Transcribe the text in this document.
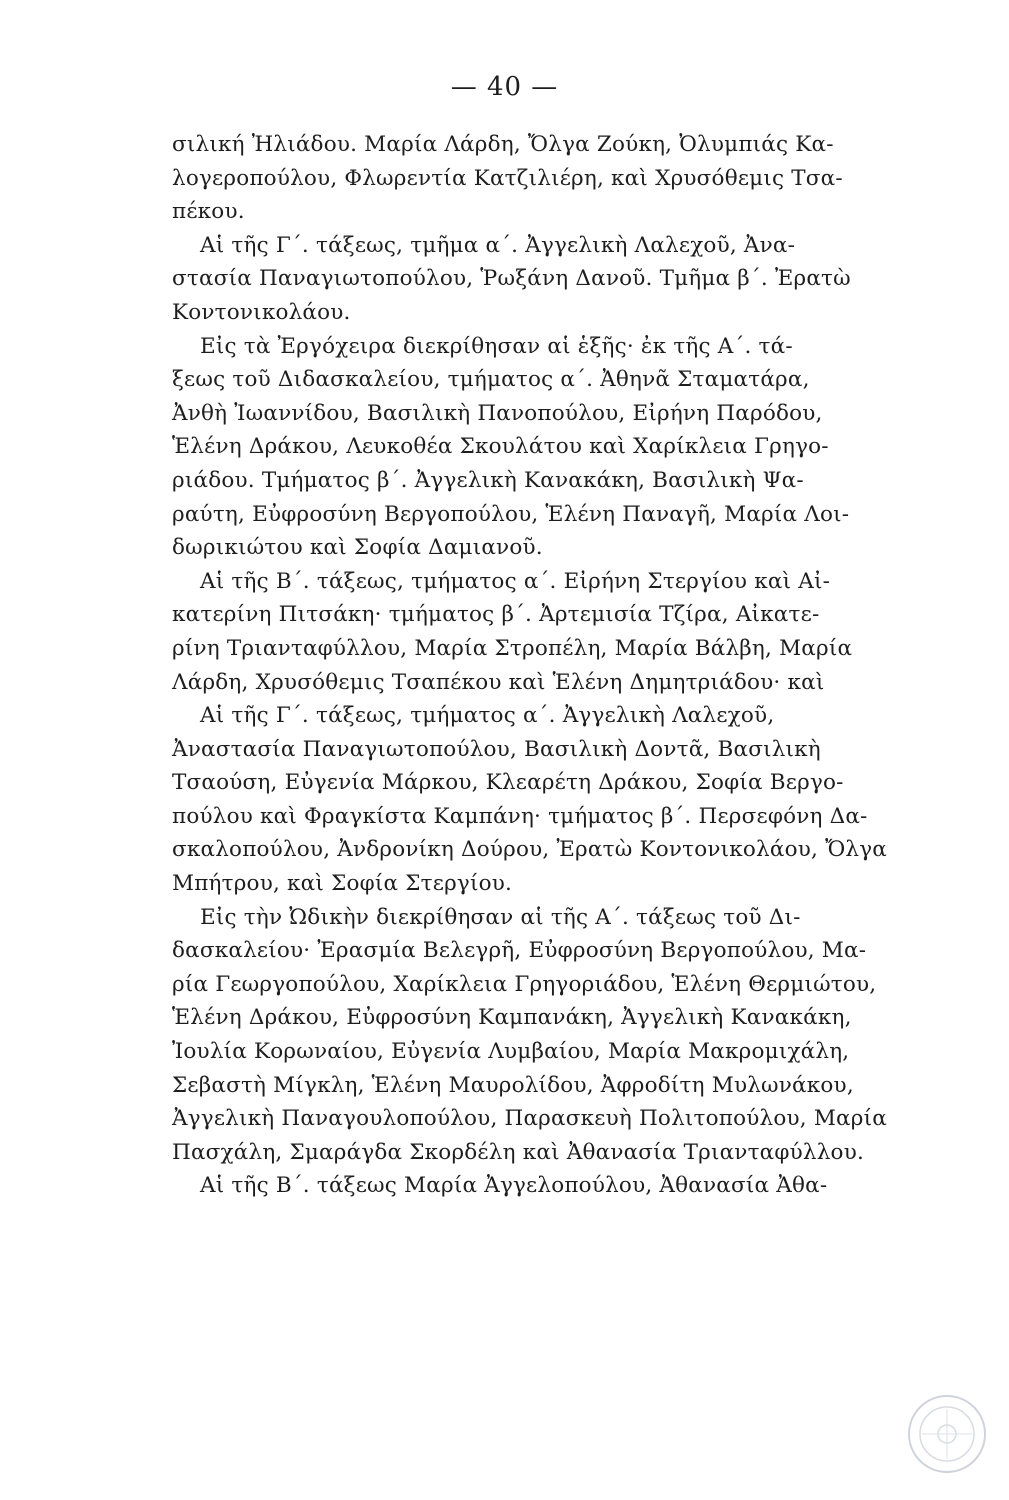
— 40 —
σιλική Ἠλιάδου. Μαρία Λάρδη, Ὄλγα Ζούκη, Ὀλυμπιάς Κα-
λογεροπούλου, Φλωρεντία Κατζιλιέρη, καὶ Χρυσόθεμις Τσα-
πέκου.
Αἱ τῆς Γ΄. τάξεως, τμῆμα α΄. Ἀγγελικὴ Λαλεχοῦ, Ἀνα-
στασία Παναγιωτοπούλου, Ῥωξάνη Δανοῦ. Τμῆμα β΄. Ἐρατὼ
Κοντονικολάου.
Εἰς τὰ Ἐργόχειρα διεκρίθησαν αἱ ἑξῆς· ἐκ τῆς Α΄. τά-
ξεως τοῦ Διδασκαλείου, τμήματος α΄. Ἀθηνᾶ Σταματάρα,
Ἀνθὴ Ἰωαννίδου, Βασιλικὴ Πανοπούλου, Εἰρήνη Παρόδου,
Ἑλένη Δράκου, Λευκοθέα Σκουλάτου καὶ Χαρίκλεια Γρηγο-
ριάδου. Τμήματος β΄. Ἀγγελικὴ Κανακάκη, Βασιλικὴ Ψα-
ραύτη, Εὐφροσύνη Βεργοπούλου, Ἑλένη Παναγῆ, Μαρία Λοι-
δωρικιώτου καὶ Σοφία Δαμιανοῦ.
Αἱ τῆς Β΄. τάξεως, τμήματος α΄. Εἰρήνη Στεργίου καὶ Αἰ-
κατερίνη Πιτσάκη· τμήματος β΄. Ἀρτεμισία Τζίρα, Αἰκατε-
ρίνη Τριανταφύλλου, Μαρία Στροπέλη, Μαρία Βάλβη, Μαρία
Λάρδη, Χρυσόθεμις Τσαπέκου καὶ Ἑλένη Δημητριάδου· καὶ
Αἱ τῆς Γ΄. τάξεως, τμήματος α΄. Ἀγγελικὴ Λαλεχοῦ,
Ἀναστασία Παναγιωτοπούλου, Βασιλικὴ Δοντᾶ, Βασιλικὴ
Τσαούση, Εὐγενία Μάρκου, Κλεαρέτη Δράκου, Σοφία Βεργο-
πούλου καὶ Φραγκίστα Καμπάνη· τμήματος β΄. Περσεφόνη Δα-
σκαλοπούλου, Ἀνδρονίκη Δούρου, Ἐρατὼ Κοντονικολάου, Ὄλγα
Μπήτρου, καὶ Σοφία Στεργίου.
Εἰς τὴν Ὠδικὴν διεκρίθησαν αἱ τῆς Α΄. τάξεως τοῦ Δι-
δασκαλείου· Ἐρασμία Βελεγρῆ, Εὐφροσύνη Βεργοπούλου, Μα-
ρία Γεωργοπούλου, Χαρίκλεια Γρηγοριάδου, Ἑλένη Θερμιώτου,
Ἑλένη Δράκου, Εὐφροσύνη Καμπανάκη, Ἀγγελικὴ Κανακάκη,
Ἰουλία Κορωναίου, Εὐγενία Λυμβαίου, Μαρία Μακρομιχάλη,
Σεβαστὴ Μίγκλη, Ἑλένη Μαυρολίδου, Ἀφροδίτη Μυλωνάκου,
Ἀγγελικὴ Παναγουλοπούλου, Παρασκευὴ Πολιτοπούλου, Μαρία
Πασχάλη, Σμαράγδα Σκορδέλη καὶ Ἀθανασία Τριανταφύλλου.
Αἱ τῆς Β΄. τάξεως Μαρία Ἀγγελοπούλου, Ἀθανασία Ἀθα-
